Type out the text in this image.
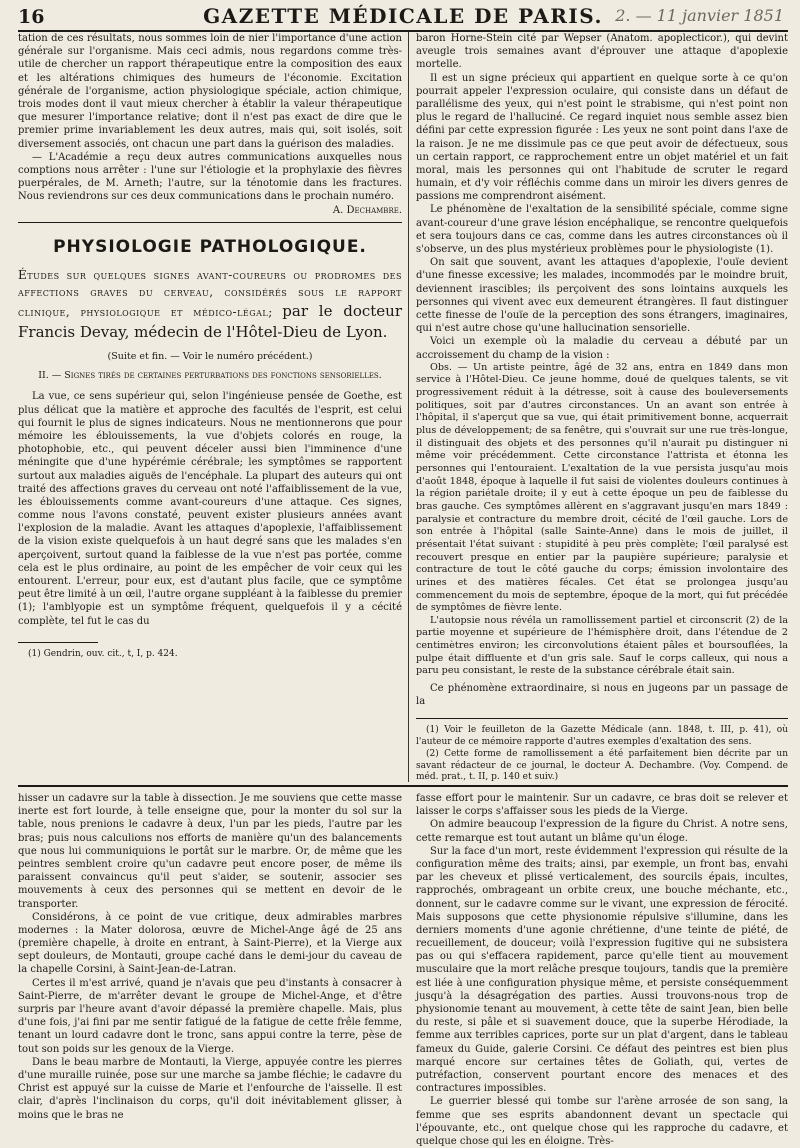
16	GAZETTE MÉDICALE DE PARIS. 2. — 11 janvier 1851

tation de ces résultats, nous sommes loin de nier l'importance d'une action générale sur l'organisme. Mais ceci admis, nous regardons comme très-utile de chercher un rapport thérapeutique entre la composition des eaux et les altérations chimiques des humeurs de l'économie. Excitation générale de l'organisme, action physiologique spéciale, action chimique, trois modes dont il vaut mieux chercher à établir la valeur thérapeutique que mesurer l'importance relative; dont il n'est pas exact de dire que le premier prime invariablement les deux autres, mais qui, soit isolés, soit diversement associés, ont chacun une part dans la guérison des maladies.

— L'Académie a reçu deux autres communications auxquelles nous comptions nous arrêter : l'une sur l'étiologie et la prophylaxie des fièvres puerpérales, de M. Arneth; l'autre, sur la ténotomie dans les fractures. Nous reviendrons sur ces deux communications dans le prochain numéro.

A. Dechambre.

PHYSIOLOGIE PATHOLOGIQUE.

Études sur quelques signes avant-coureurs ou prodromes des affections graves du cerveau, considérés sous le rapport clinique, physiologique et médico-légal; par le docteur Francis Devay, médecin de l'Hôtel-Dieu de Lyon.

(Suite et fin. — Voir le numéro précédent.)
II. — Signes tirés de certaines perturbations des fonctions sensorielles.

La vue, ce sens supérieur qui, selon l'ingénieuse pensée de Goethe, est plus délicat que la matière et approche des facultés de l'esprit, est celui qui fournit le plus de signes indicateurs. Nous ne mentionnerons que pour mémoire les éblouissements, la vue d'objets colorés en rouge, la photophobie, etc., qui peuvent déceler aussi bien l'imminence d'une méningite que d'une hypérémie cérébrale; les symptômes se rapportent surtout aux maladies aiguës de l'encéphale. La plupart des auteurs qui ont traité des affections graves du cerveau ont noté l'affaiblissement de la vue, les éblouissements comme avant-coureurs d'une attaque. Ces signes, comme nous l'avons constaté, peuvent exister plusieurs années avant l'explosion de la maladie. Avant les attaques d'apoplexie, l'affaiblissement de la vision existe quelquefois à un haut degré sans que les malades s'en aperçoivent, surtout quand la faiblesse de la vue n'est pas portée, comme cela est le plus ordinaire, au point de les empêcher de voir ceux qui les entourent. L'erreur, pour eux, est d'autant plus facile, que ce symptôme peut être limité à un œil, l'autre organe suppléant à la faiblesse du premier (1); l'amblyopie est un symptôme fréquent, quelquefois il y a cécité complète, tel fut le cas du

(1) Gendrin, ouv. cit., t, I, p. 424.

baron Horne-Stein cité par Wepser (Anatom. apoplecticor.), qui devint aveugle trois semaines avant d'éprouver une attaque d'apoplexie mortelle.

Il est un signe précieux qui appartient en quelque sorte à ce qu'on pourrait appeler l'expression oculaire, qui consiste dans un défaut de parallélisme des yeux, qui n'est point le strabisme, qui n'est point non plus le regard de l'halluciné. Ce regard inquiet nous semble assez bien défini par cette expression figurée : Les yeux ne sont point dans l'axe de la raison. Je ne me dissimule pas ce que peut avoir de défectueux, sous un certain rapport, ce rapprochement entre un objet matériel et un fait moral, mais les personnes qui ont l'habitude de scruter le regard humain, et d'y voir réfléchis comme dans un miroir les divers genres de passions me comprendront aisément.

Le phénomène de l'exaltation de la sensibilité spéciale, comme signe avant-coureur d'une grave lésion encéphalique, se rencontre quelquefois et sera toujours dans ce cas, comme dans les autres circonstances où il s'observe, un des plus mystérieux problèmes pour le physiologiste (1).

On sait que souvent, avant les attaques d'apoplexie, l'ouïe devient d'une finesse excessive; les malades, incommodés par le moindre bruit, deviennent irascibles; ils perçoivent des sons lointains auxquels les personnes qui vivent avec eux demeurent étrangères. Il faut distinguer cette finesse de l'ouïe de la perception des sons étrangers, imaginaires, qui n'est autre chose qu'une hallucination sensorielle.

Voici un exemple où la maladie du cerveau a débuté par un accroissement du champ de la vision :

Obs. — Un artiste peintre, âgé de 32 ans, entra en 1849 dans mon service à l'Hôtel-Dieu. Ce jeune homme, doué de quelques talents, se vit progressivement réduit à la détresse, soit à cause des bouleversements politiques, soit par d'autres circonstances. Un an avant son entrée à l'hôpital, il s'aperçut que sa vue, qui était primitivement bonne, acquerrait plus de développement; de sa fenêtre, qui s'ouvrait sur une rue très-longue, il distinguait des objets et des personnes qu'il n'aurait pu distinguer ni même voir précédemment. Cette circonstance l'attrista et étonna les personnes qui l'entouraient. L'exaltation de la vue persista jusqu'au mois d'août 1848, époque à laquelle il fut saisi de violentes douleurs continues à la région pariétale droite; il y eut à cette époque un peu de faiblesse du bras gauche. Ces symptômes allèrent en s'aggravant jusqu'en mars 1849 : paralysie et contracture du membre droit, cécité de l'œil gauche. Lors de son entrée à l'hôpital (salle Sainte-Anne) dans le mois de juillet, il présentait l'état suivant : stupidité à peu près complète; l'œil paralysé est recouvert presque en entier par la paupière supérieure; paralysie et contracture de tout le côté gauche du corps; émission involontaire des urines et des matières fécales. Cet état se prolongea jusqu'au commencement du mois de septembre, époque de la mort, qui fut précédée de symptômes de fièvre lente.

L'autopsie nous révéla un ramollissement partiel et circonscrit (2) de la partie moyenne et supérieure de l'hémisphère droit, dans l'étendue de 2 centimètres environ; les circonvolutions étaient pâles et boursouflées, la pulpe était diffluente et d'un gris sale. Sauf le corps calleux, qui nous a paru peu consistant, le reste de la substance cérébrale était sain.

Ce phénomène extraordinaire, si nous en jugeons par un passage de la

(1) Voir le feuilleton de la Gazette Médicale (ann. 1848, t. III, p. 41), où l'auteur de ce mémoire rapporte d'autres exemples d'exaltation des sens.

(2) Cette forme de ramollissement a été parfaitement bien décrite par un savant rédacteur de ce journal, le docteur A. Dechambre. (Voy. Compend. de méd. prat., t. II, p. 140 et suiv.)

hisser un cadavre sur la table à dissection. Je me souviens que cette masse inerte est fort lourde, à telle enseigne que, pour la monter du sol sur la table, nous prenions le cadavre à deux, l'un par les pieds, l'autre par les bras; puis nous calculions nos efforts de manière qu'un des balancements que nous lui communiquions le portât sur le marbre. Or, de même que les peintres semblent croire qu'un cadavre peut encore poser, de même ils paraissent convaincus qu'il peut s'aider, se soutenir, associer ses mouvements à ceux des personnes qui se mettent en devoir de le transporter.

Considérons, à ce point de vue critique, deux admirables marbres modernes : la Mater dolorosa, œuvre de Michel-Ange âgé de 25 ans (première chapelle, à droite en entrant, à Saint-Pierre), et la Vierge aux sept douleurs, de Montauti, groupe caché dans le demi-jour du caveau de la chapelle Corsini, à Saint-Jean-de-Latran.

Certes il m'est arrivé, quand je n'avais que peu d'instants à consacrer à Saint-Pierre, de m'arrêter devant le groupe de Michel-Ange, et d'être surpris par l'heure avant d'avoir dépassé la première chapelle. Mais, plus d'une fois, j'ai fini par me sentir fatigué de la fatigue de cette frêle femme, tenant un lourd cadavre dont le tronc, sans appui contre la terre, pèse de tout son poids sur les genoux de la Vierge.

Dans le beau marbre de Montauti, la Vierge, appuyée contre les pierres d'une muraille ruinée, pose sur une marche sa jambe fléchie; le cadavre du Christ est appuyé sur la cuisse de Marie et l'enfourche de l'aisselle. Il est clair, d'après l'inclinaison du corps, qu'il doit inévitablement glisser, à moins que le bras ne

fasse effort pour le maintenir. Sur un cadavre, ce bras doit se relever et laisser le corps s'affaisser sous les pieds de la Vierge.

On admire beaucoup l'expression de la figure du Christ. A notre sens, cette remarque est tout autant un blâme qu'un éloge.

Sur la face d'un mort, reste évidemment l'expression qui résulte de la configuration même des traits; ainsi, par exemple, un front bas, envahi par les cheveux et plissé verticalement, des sourcils épais, incultes, rapprochés, ombrageant un orbite creux, une bouche méchante, etc., donnent, sur le cadavre comme sur le vivant, une expression de férocité. Mais supposons que cette physionomie répulsive s'illumine, dans les derniers moments d'une agonie chrétienne, d'une teinte de piété, de recueillement, de douceur; voilà l'expression fugitive qui ne subsistera pas ou qui s'effacera rapidement, parce qu'elle tient au mouvement musculaire que la mort relâche presque toujours, tandis que la première est liée à une configuration physique même, et persiste conséquemment jusqu'à la désagrégation des parties. Aussi trouvons-nous trop de physionomie tenant au mouvement, à cette tête de saint Jean, bien belle du reste, si pâle et si suavement douce, que la superbe Hérodiade, la femme aux terribles caprices, porte sur un plat d'argent, dans le tableau fameux du Guide, galerie Corsini. Ce défaut des peintres est bien plus marqué encore sur certaines têtes de Goliath, qui, vertes de putréfaction, conservent pourtant encore des menaces et des contractures impossibles.

Le guerrier blessé qui tombe sur l'arène arrosée de son sang, la femme que ses esprits abandonnent devant un spectacle qui l'épouvante, etc., ont quelque chose qui les rapproche du cadavre, et quelque chose qui les en éloigne. Très-
